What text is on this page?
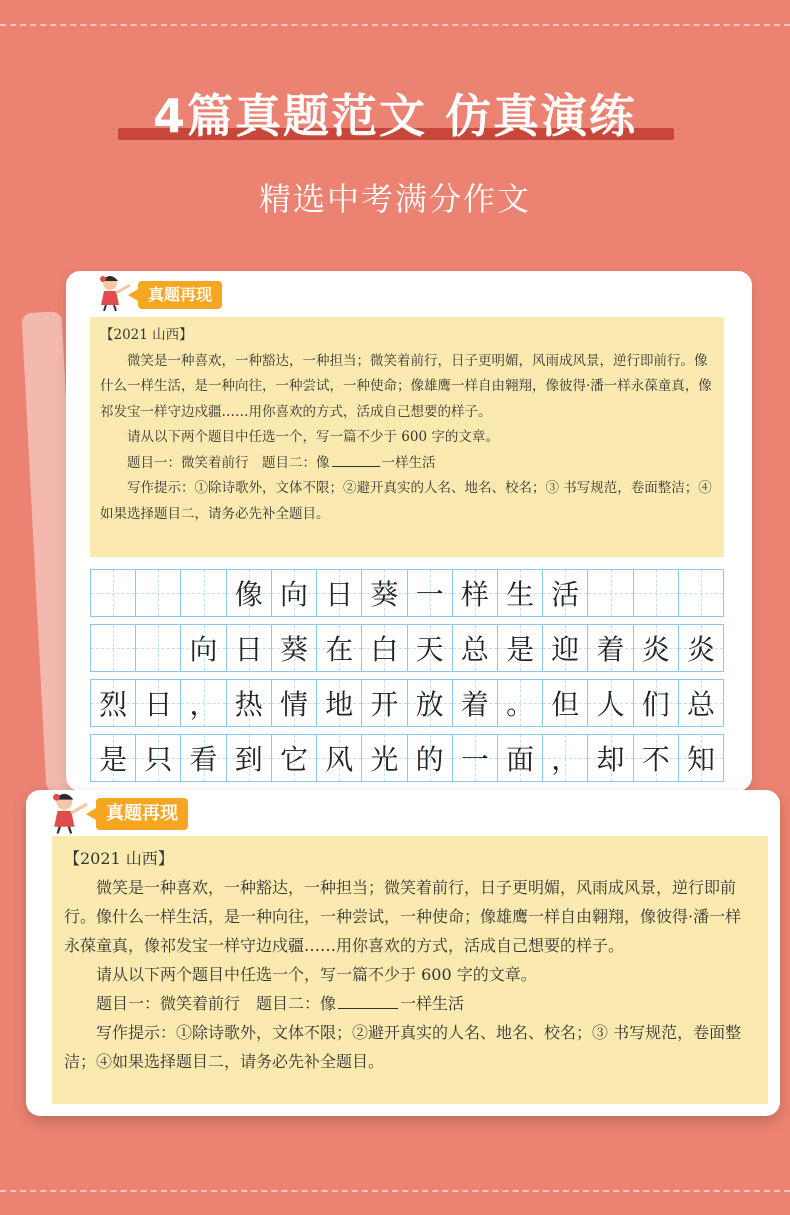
4篇真题范文 仿真演练
精选中考满分作文
真题再现

【2021 山西】

微笑是一种喜欢，一种豁达，一种担当；微笑着前行，日子更明媚，风雨成风景，逆行即前行。像什么一样生活，是一种向往，一种尝试，一种使命；像雄鹰一样自由翱翔，像彼得·潘一样永葆童真，像祁发宝一样守边戍疆……用你喜欢的方式，活成自己想要的样子。

请从以下两个题目中任选一个，写一篇不少于 600 字的文章。

题目一：微笑着前行　题目二：像	一样生活

写作提示：①除诗歌外，文体不限；②避开真实的人名、地名、校名；③ 书写规范，卷面整洁；④如果选择题目二，请务必先补全题目。

像 向 日 葵 一 样 生 活
向 日 葵 在 白 天 总 是 迎 着 炎 炎
烈 日 ， 热 情 地 开 放 着 。 但 人 们 总
是 只 看 到 它 风 光 的 一 面 ， 却 不 知
真题再现

【2021 山西】

微笑是一种喜欢，一种豁达，一种担当；微笑着前行，日子更明媚，风雨成风景，逆行即前行。像什么一样生活，是一种向往，一种尝试，一种使命；像雄鹰一样自由翱翔，像彼得·潘一样永葆童真，像祁发宝一样守边戍疆……用你喜欢的方式，活成自己想要的样子。

请从以下两个题目中任选一个，写一篇不少于 600 字的文章。

题目一：微笑着前行　题目二：像	一样生活

写作提示：①除诗歌外，文体不限；②避开真实的人名、地名、校名；③ 书写规范，卷面整洁；④如果选择题目二，请务必先补全题目。
